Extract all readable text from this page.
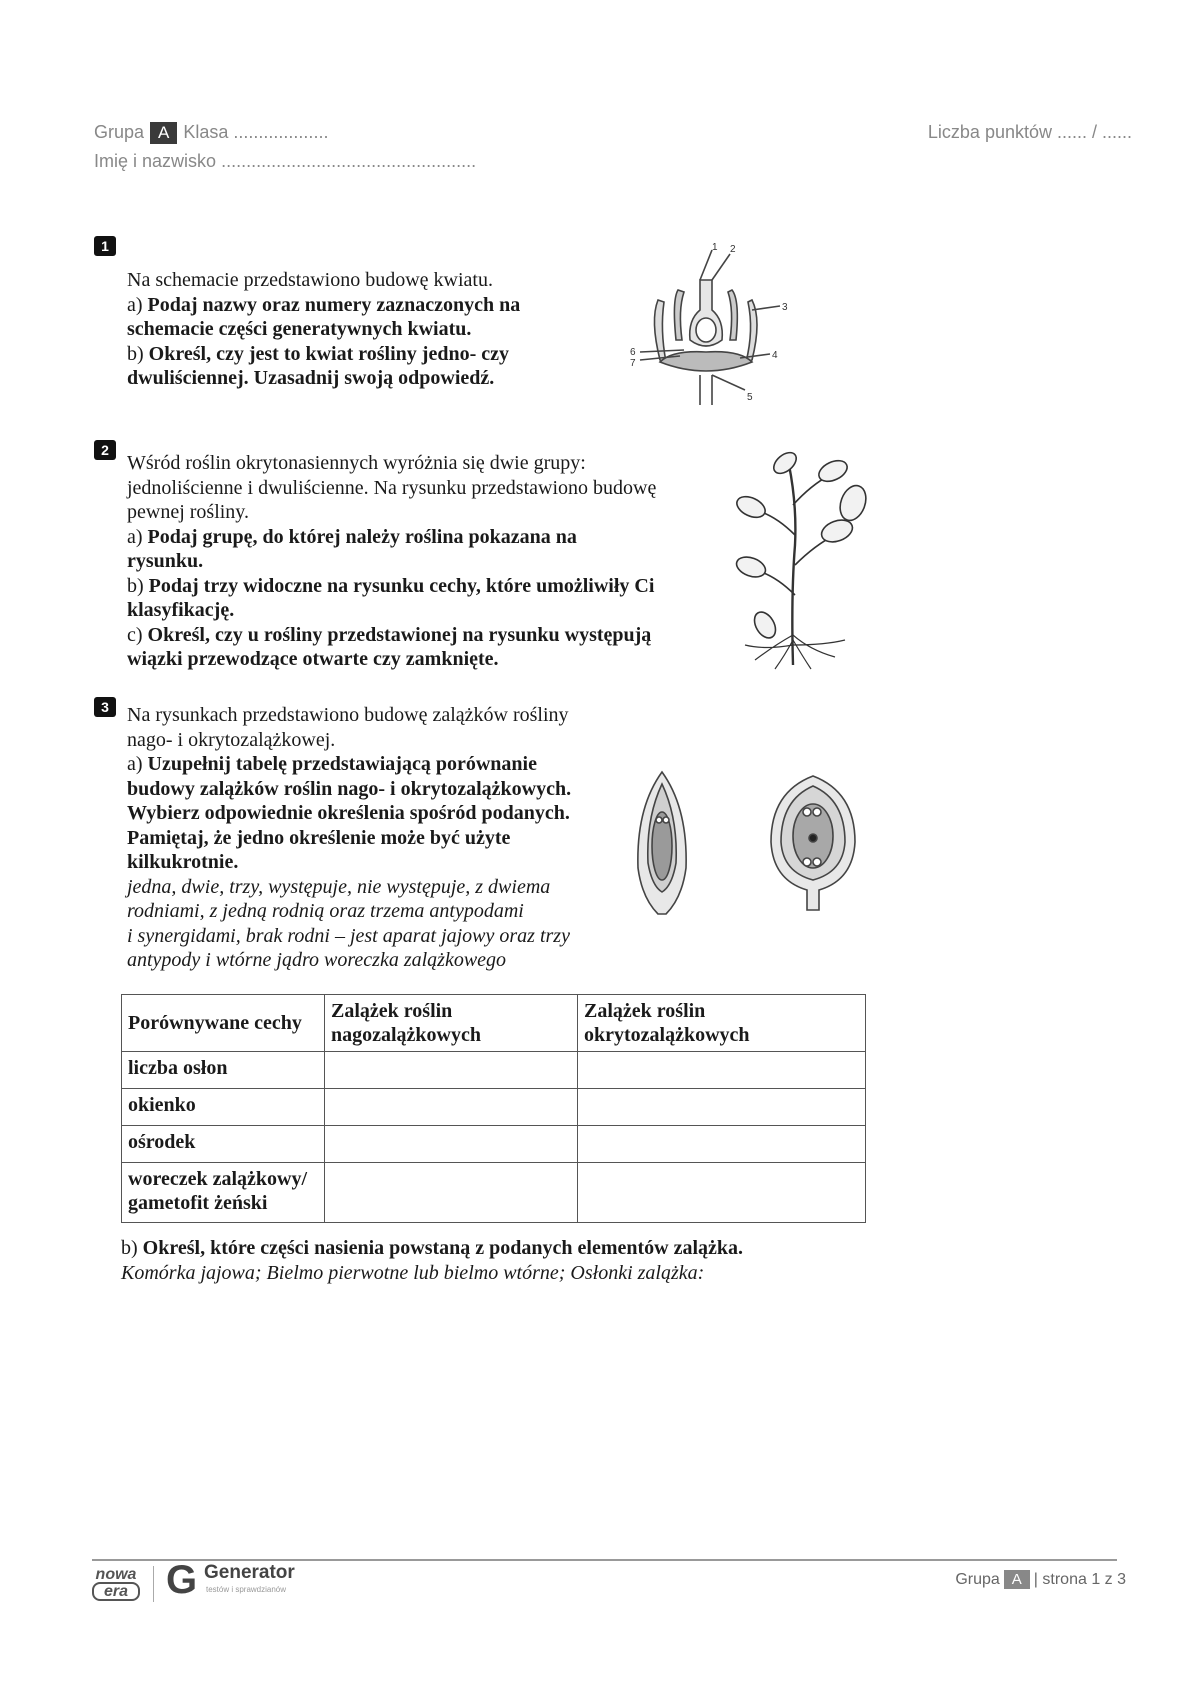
Grupa A Klasa ...................
Imię i nazwisko ...................................................
Liczba punktów ...... / ......
1

Na schemacie przedstawiono budowę kwiatu.

a) Podaj nazwy oraz numery zaznaczonych na

schemacie części generatywnych kwiatu.

b) Określ, czy jest to kwiat rośliny jedno- czy

dwuliściennej. Uzasadnij swoją odpowiedź.

1 2
3
4
5
6
7
2

Wśród roślin okrytonasiennych wyróżnia się dwie grupy:

jednoliścienne i dwuliścienne. Na rysunku przedstawiono budowę

pewnej rośliny.

a) Podaj grupę, do której należy roślina pokazana na

rysunku.

b) Podaj trzy widoczne na rysunku cechy, które umożliwiły Ci

klasyfikację.

c) Określ, czy u rośliny przedstawionej na rysunku występują

wiązki przewodzące otwarte czy zamknięte.

3 Na rysunkach przedstawiono budowę zalążków rośliny

nago- i okrytozalążkowej.

a) Uzupełnij tabelę przedstawiającą porównanie

budowy zalążków roślin nago- i okrytozalążkowych.

Wybierz odpowiednie określenia spośród podanych.

Pamiętaj, że jedno określenie może być użyte

kilkukrotnie.

jedna, dwie, trzy, występuje, nie występuje, z dwiema

rodniami, z jedną rodnią oraz trzema antypodami

i synergidami, brak rodni – jest aparat jajowy oraz trzy

antypody i wtórne jądro woreczka zalążkowego

Porównywane cechy	Zalążek roślin nagozalążkowych	Zalążek roślin okrytozalążkowych
liczba osłon		
okienko		
ośrodek		
woreczek zalążkowy/ gametofit żeński		

b) Określ, które części nasienia powstaną z podanych elementów zalążka.

Komórka jajowa; Bielmo pierwotne lub bielmo wtórne; Osłonki zalążka:

nowa
era G Generator
testów i sprawdzianów
Grupa A | strona 1 z 3
